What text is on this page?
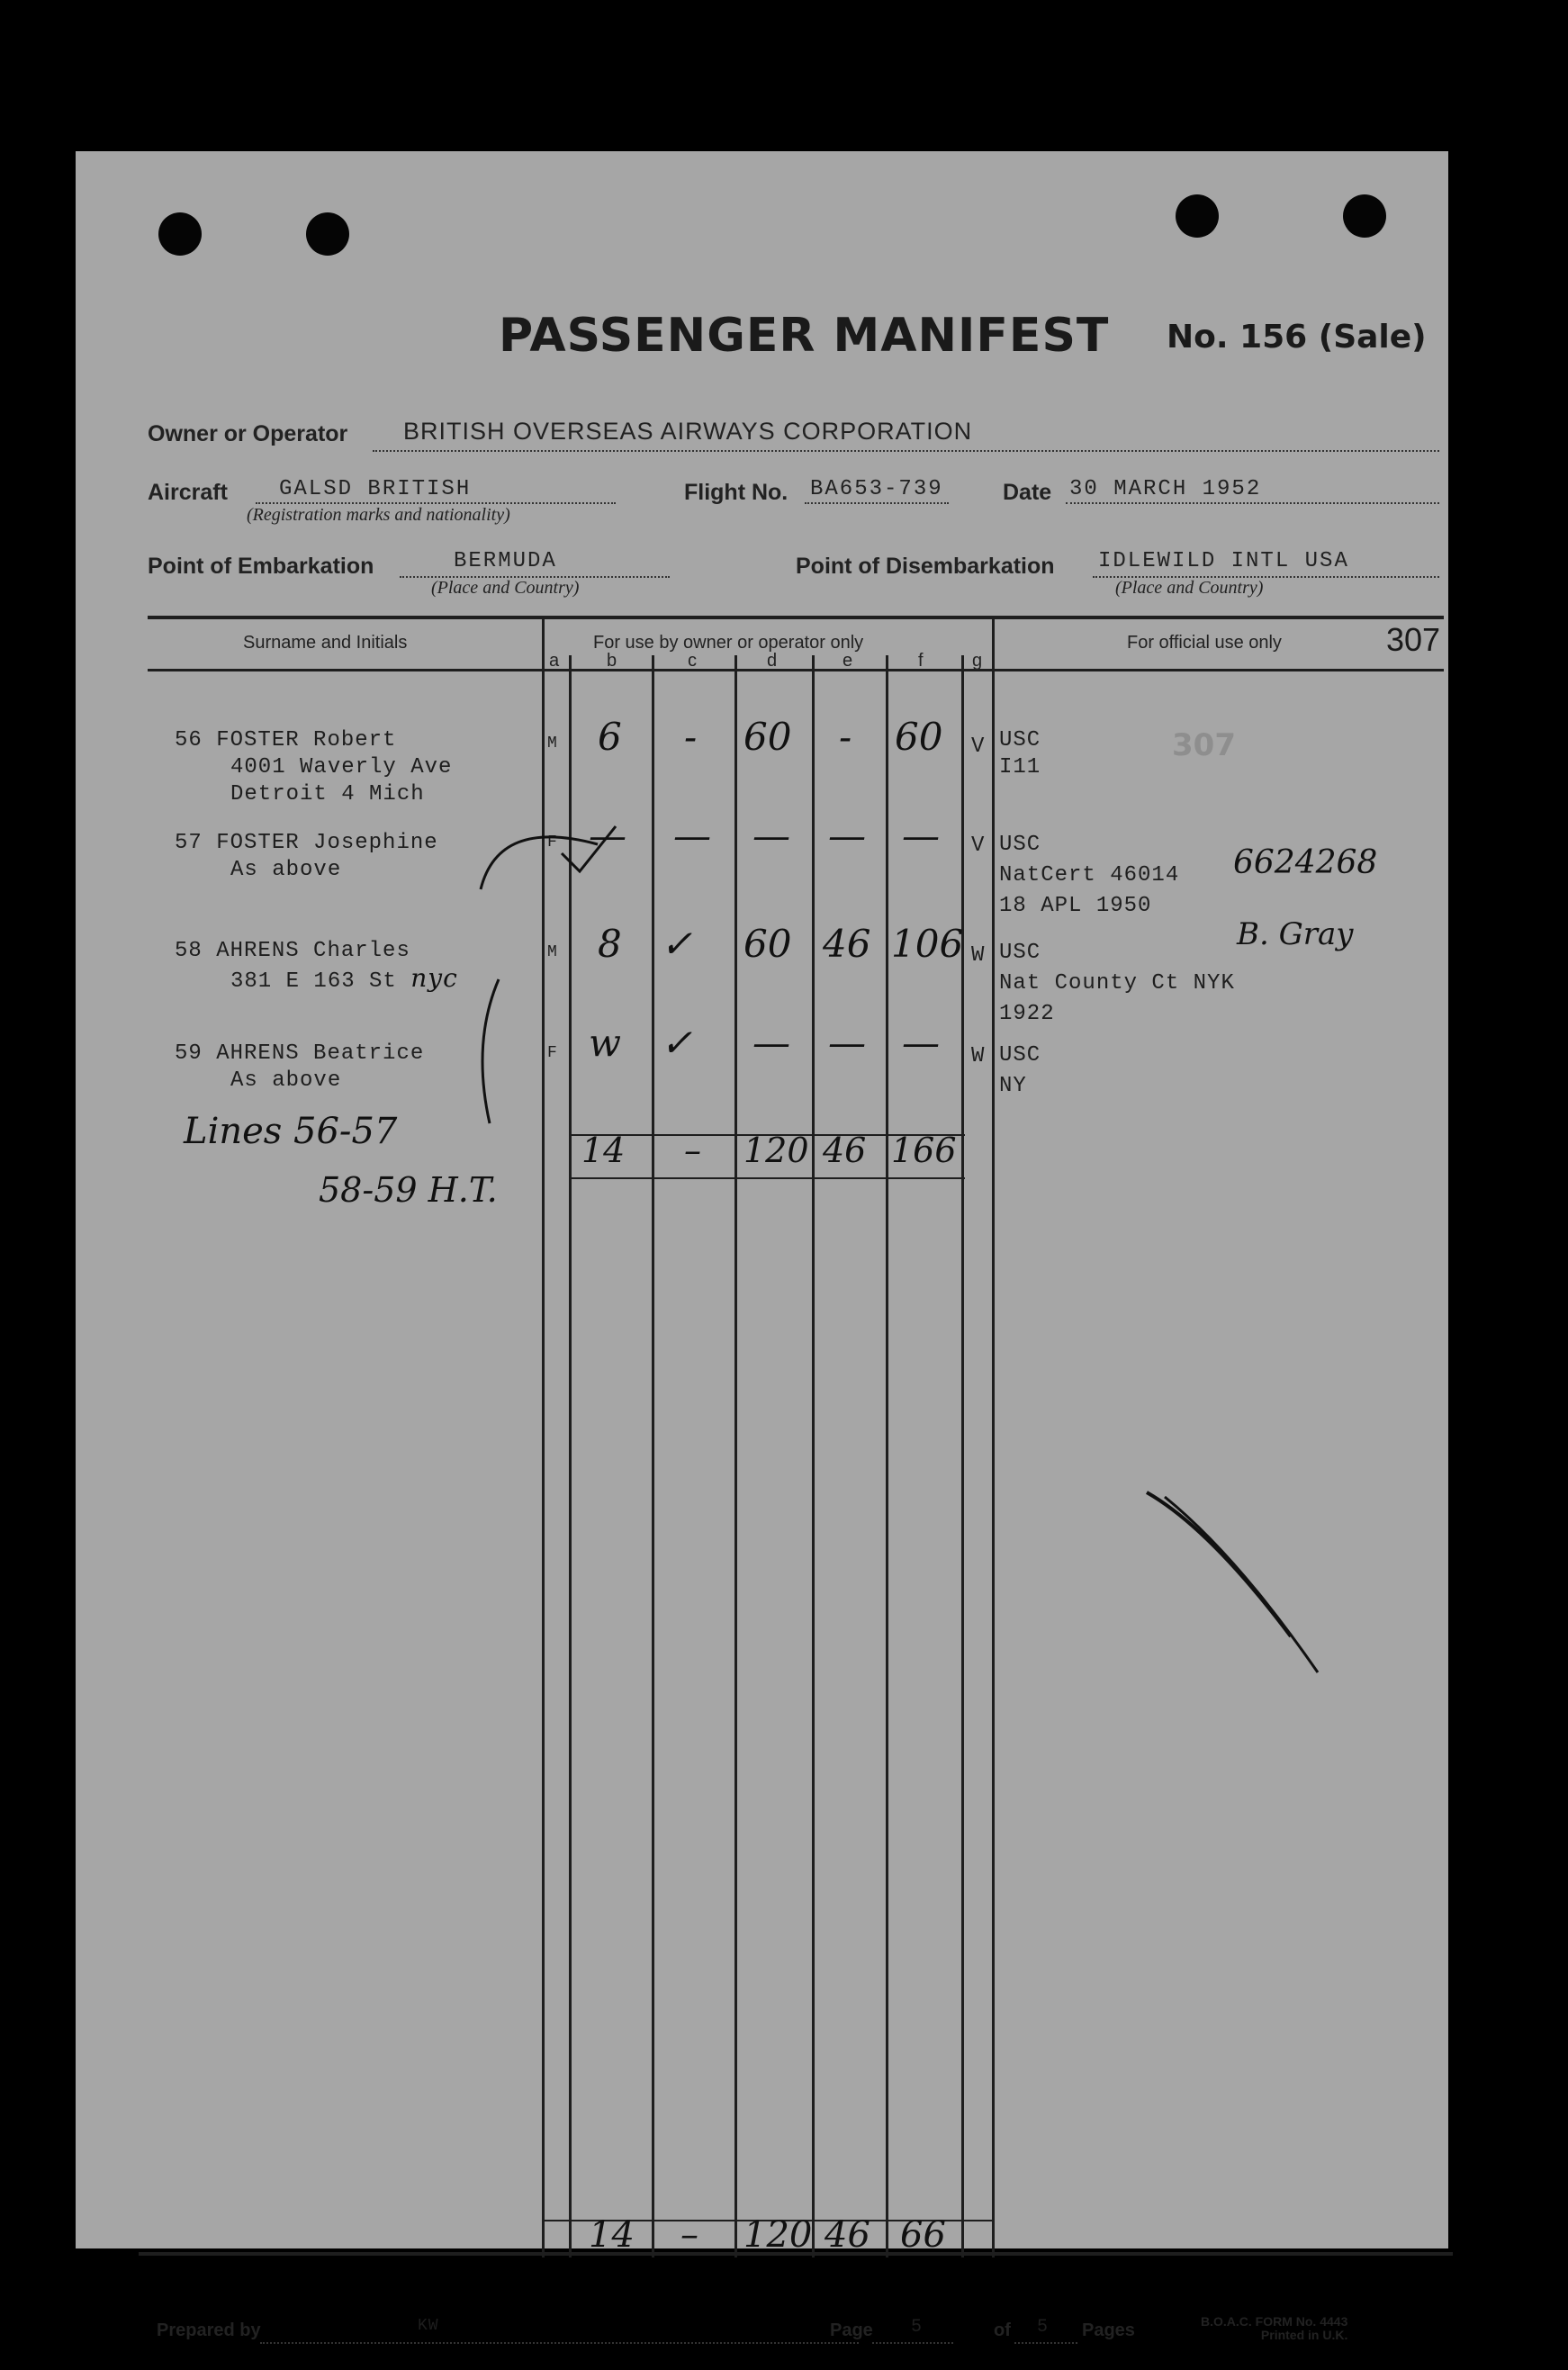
PASSENGER MANIFEST No. 156 (Sale)
Owner or Operator BRITISH OVERSEAS AIRWAYS CORPORATION
Aircraft GALSD BRITISH
(Registration marks and nationality)
Flight No. BA653-739	Date 30 MARCH 1952
Point of Embarkation	BERMUDA
(Place and Country)
Point of Disembarkation IDLEWILD INTL USA
(Place and Country)
Surname and Initials	For use by owner or operator only
a	b	c	d	e	f	g
For official use only	307
307
56 FOSTER Robert
4001 Waverly Ave
Detroit 4 Mich
M 6 - 60 - 60 V USC
I11
57 FOSTER Josephine
As above
F — — — — — V USC
NatCert 46014
18 APL 1950
6624268
58 AHRENS Charles
381 E 163 St nyc
M 8 ✓ 60 46 106 W USC
Nat County Ct NYK
1922
B. Gray
59 AHRENS Beatrice
As above
F w ✓ — — — W USC
NY
Lines 56-57
58-59 H.T.
14 – 120 46 166
14 – 120 46 66
Prepared by	KW	Page 5	of 5 Pages	B.O.A.C. FORM No. 4443
Printed in U.K.
